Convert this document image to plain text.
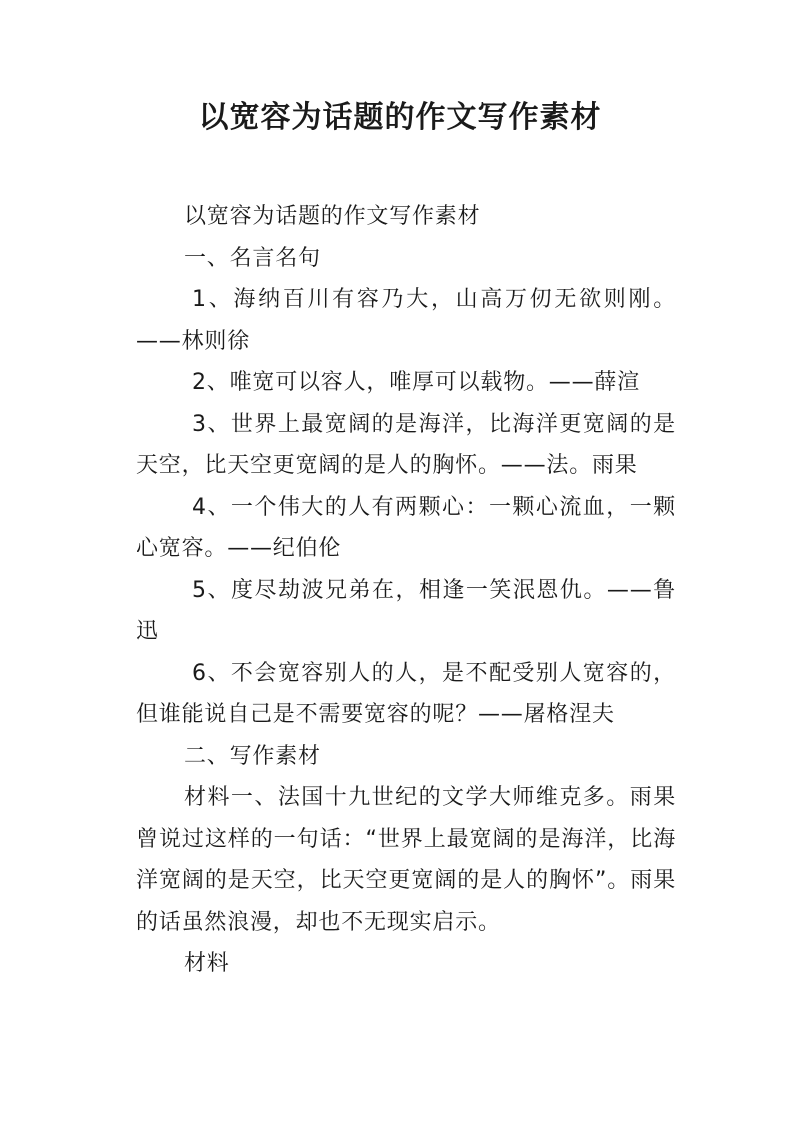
以宽容为话题的作文写作素材

以宽容为话题的作文写作素材

一、名言名句

1、海纳百川有容乃大，山高万仞无欲则刚。——林则徐

2、唯宽可以容人，唯厚可以载物。——薛渲

3、世界上最宽阔的是海洋，比海洋更宽阔的是天空，比天空更宽阔的是人的胸怀。——法。雨果

4、一个伟大的人有两颗心：一颗心流血，一颗心宽容。——纪伯伦

5、度尽劫波兄弟在，相逢一笑泯恩仇。——鲁迅

6、不会宽容别人的人，是不配受别人宽容的，但谁能说自己是不需要宽容的呢？——屠格涅夫

二、写作素材

材料一、法国十九世纪的文学大师维克多。雨果曾说过这样的一句话：“世界上最宽阔的是海洋，比海洋宽阔的是天空，比天空更宽阔的是人的胸怀”。雨果的话虽然浪漫，却也不无现实启示。

材料
